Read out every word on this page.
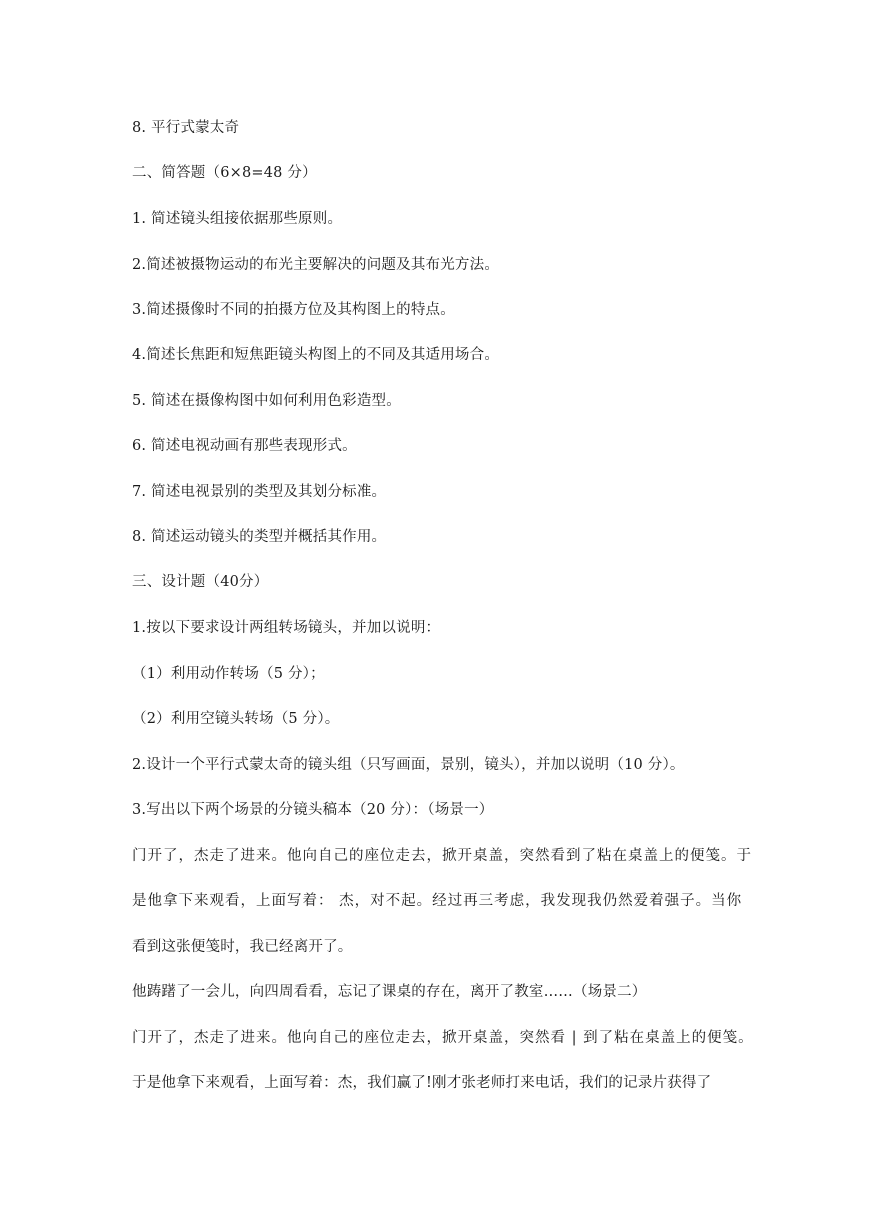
8. 平行式蒙太奇
二、简答题（6×8=48 分）
1. 简述镜头组接依据那些原则。
2.简述被摄物运动的布光主要解决的问题及其布光方法。
3.简述摄像时不同的拍摄方位及其构图上的特点。
4.简述长焦距和短焦距镜头构图上的不同及其适用场合。
5. 简述在摄像构图中如何利用色彩造型。
6. 简述电视动画有那些表现形式。
7. 简述电视景别的类型及其划分标准。
8. 简述运动镜头的类型并概括其作用。
三、设计题（40分）
1.按以下要求设计两组转场镜头，并加以说明：
（1）利用动作转场（5 分）；
（2）利用空镜头转场（5 分）。
2.设计一个平行式蒙太奇的镜头组（只写画面，景别，镜头），并加以说明（10 分）。
3.写出以下两个场景的分镜头稿本（20 分）：（场景一）
门开了，杰走了进来。他向自己的座位走去，掀开桌盖，突然看到了粘在桌盖上的便笺。于
是他拿下来观看，上面写着： 杰，对不起。经过再三考虑，我发现我仍然爱着强子。当你
看到这张便笺时，我已经离开了。
他踌躇了一会儿，向四周看看，忘记了课桌的存在，离开了教室……（场景二）
门开了，杰走了进来。他向自己的座位走去，掀开桌盖，突然看 | 到了粘在桌盖上的便笺。
于是他拿下来观看，上面写着：杰，我们赢了!刚才张老师打来电话，我们的记录片获得了
